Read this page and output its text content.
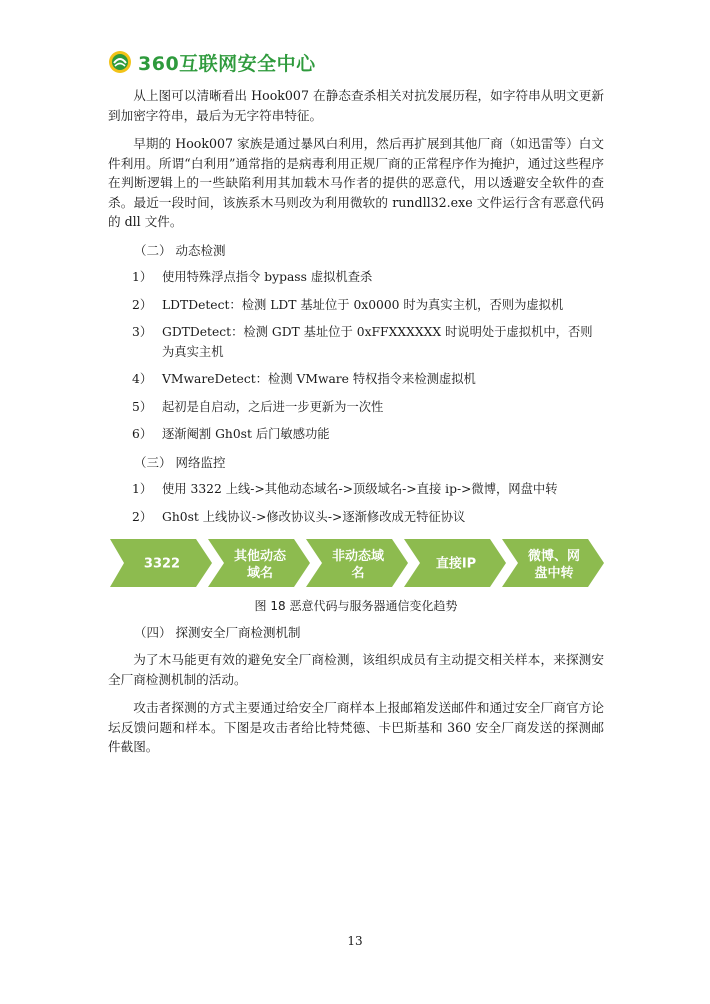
360互联网安全中心

从上图可以清晰看出 Hook007 在静态查杀相关对抗发展历程，如字符串从明文更新到加密字符串，最后为无字符串特征。

早期的 Hook007 家族是通过暴风白利用，然后再扩展到其他厂商（如迅雷等）白文件利用。所谓“白利用”通常指的是病毒利用正规厂商的正常程序作为掩护，通过这些程序在判断逻辑上的一些缺陷利用其加载木马作者的提供的恶意代，用以透避安全软件的查杀。最近一段时间，该族系木马则改为利用微软的 rundll32.exe 文件运行含有恶意代码的 dll 文件。

（二） 动态检测
1） 使用特殊浮点指令 bypass 虚拟机查杀
2） LDTDetect：检测 LDT 基址位于 0x0000 时为真实主机，否则为虚拟机
3） GDTDetect：检测 GDT 基址位于 0xFFXXXXXX 时说明处于虚拟机中，否则为真实主机
4） VMwareDetect：检测 VMware 特权指令来检测虚拟机
5） 起初是自启动，之后进一步更新为一次性
6） 逐渐阉割 Gh0st 后门敏感功能
（三） 网络监控
1） 使用 3322 上线->其他动态域名->顶级域名->直接 ip->微博，网盘中转
2） Gh0st 上线协议->修改协议头->逐渐修改成无特征协议
3322	其他动态
域名
非动态域
名
直接IP	微博、网
盘中转
图 18 恶意代码与服务器通信变化趋势
（四） 探测安全厂商检测机制

为了木马能更有效的避免安全厂商检测，该组织成员有主动提交相关样本，来探测安全厂商检测机制的活动。

攻击者探测的方式主要通过给安全厂商样本上报邮箱发送邮件和通过安全厂商官方论坛反馈问题和样本。下图是攻击者给比特梵德、卡巴斯基和 360 安全厂商发送的探测邮件截图。

13
